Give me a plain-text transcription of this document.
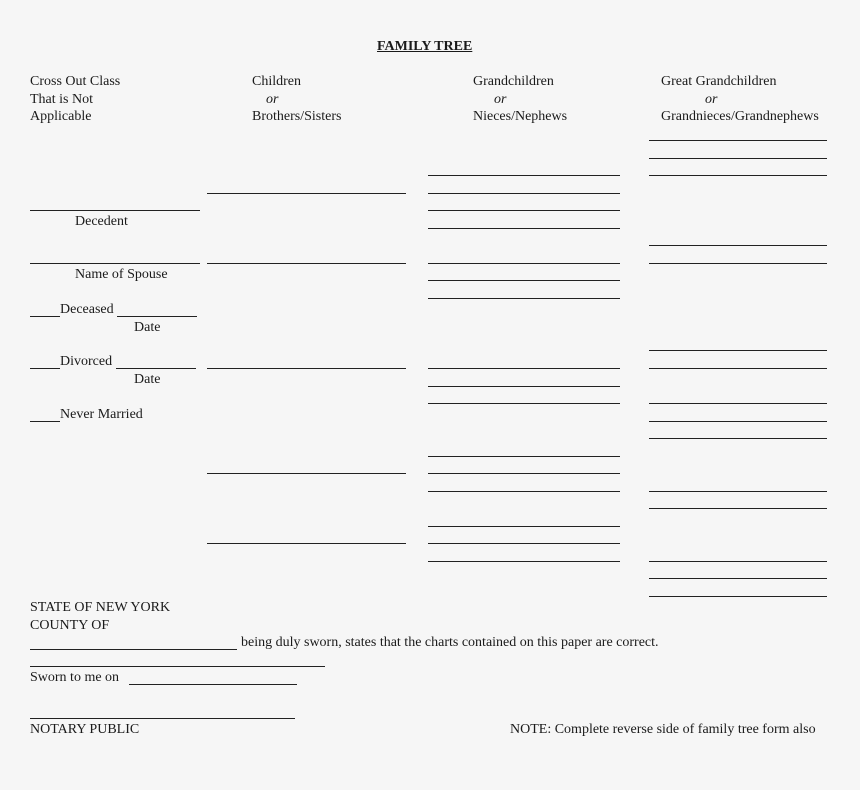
FAMILY TREE
Cross Out Class
That is Not
Applicable
Children
or
Brothers/Sisters
Grandchildren
or
Nieces/Nephews
Great Grandchildren
or
Grandnieces/Grandnephews
Decedent
Name of Spouse
Deceased
Date
Divorced
Date
Never Married
STATE OF NEW YORK
COUNTY OF
being duly sworn, states that the charts contained on this paper are correct.
Sworn to me on
NOTARY PUBLIC	NOTE: Complete reverse side of family tree form also
